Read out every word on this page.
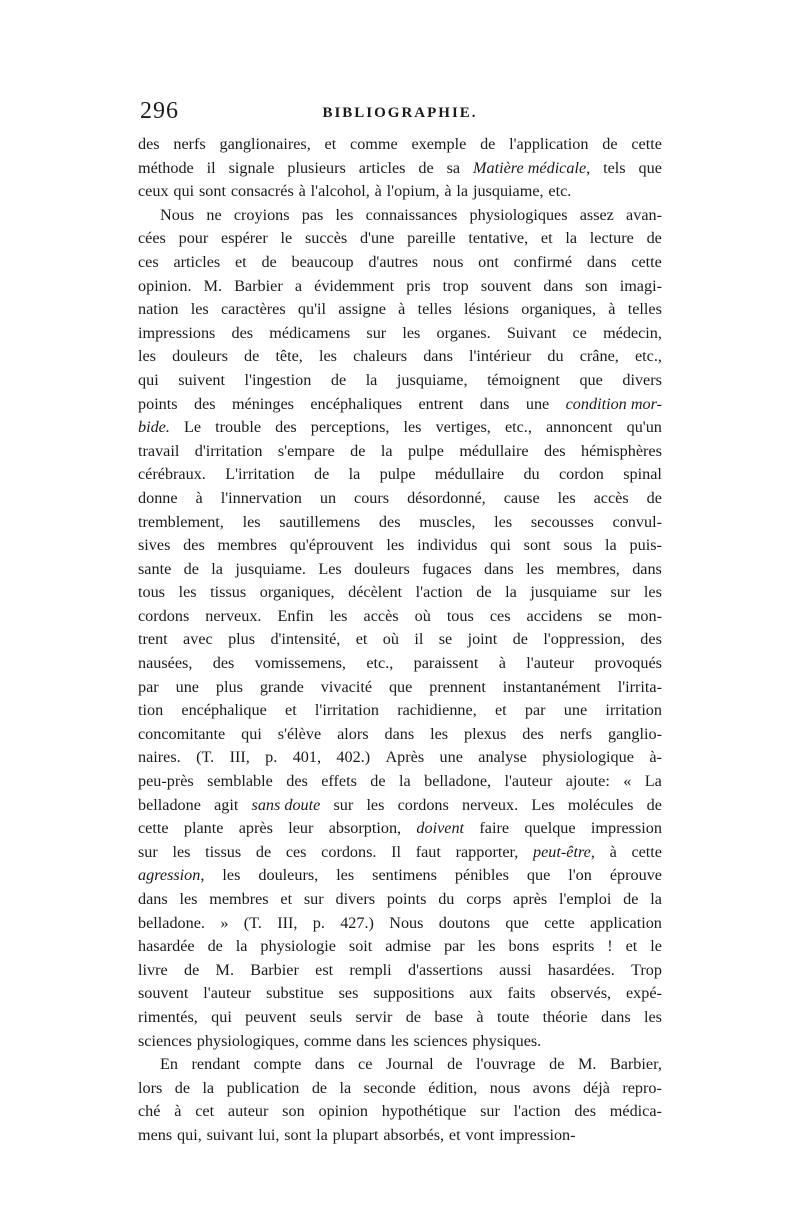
296	BIBLIOGRAPHIE.
des nerfs ganglionaires, et comme exemple de l'application de cette
méthode il signale plusieurs articles de sa Matière médicale, tels que
ceux qui sont consacrés à l'alcohol, à l'opium, à la jusquiame, etc.
Nous ne croyions pas les connaissances physiologiques assez avan-
cées pour espérer le succès d'une pareille tentative, et la lecture de
ces articles et de beaucoup d'autres nous ont confirmé dans cette
opinion. M. Barbier a évidemment pris trop souvent dans son imagi-
nation les caractères qu'il assigne à telles lésions organiques, à telles
impressions des médicamens sur les organes. Suivant ce médecin,
les douleurs de tête, les chaleurs dans l'intérieur du crâne, etc.,
qui suivent l'ingestion de la jusquiame, témoignent que divers
points des méninges encéphaliques entrent dans une condition mor-
bide. Le trouble des perceptions, les vertiges, etc., annoncent qu'un
travail d'irritation s'empare de la pulpe médullaire des hémisphères
cérébraux. L'irritation de la pulpe médullaire du cordon spinal
donne à l'innervation un cours désordonné, cause les accès de
tremblement, les sautillemens des muscles, les secousses convul-
sives des membres qu'éprouvent les individus qui sont sous la puis-
sante de la jusquiame. Les douleurs fugaces dans les membres, dans
tous les tissus organiques, décèlent l'action de la jusquiame sur les
cordons nerveux. Enfin les accès où tous ces accidens se mon-
trent avec plus d'intensité, et où il se joint de l'oppression, des
nausées, des vomissemens, etc., paraissent à l'auteur provoqués
par une plus grande vivacité que prennent instantanément l'irrita-
tion encéphalique et l'irritation rachidienne, et par une irritation
concomitante qui s'élève alors dans les plexus des nerfs ganglio-
naires. (T. III, p. 401, 402.) Après une analyse physiologique à-
peu-près semblable des effets de la belladone, l'auteur ajoute: « La
belladone agit sans doute sur les cordons nerveux. Les molécules de
cette plante après leur absorption, doivent faire quelque impression
sur les tissus de ces cordons. Il faut rapporter, peut-être, à cette
agression, les douleurs, les sentimens pénibles que l'on éprouve
dans les membres et sur divers points du corps après l'emploi de la
belladone. » (T. III, p. 427.) Nous doutons que cette application
hasardée de la physiologie soit admise par les bons esprits ! et le
livre de M. Barbier est rempli d'assertions aussi hasardées. Trop
souvent l'auteur substitue ses suppositions aux faits observés, expé-
rimentés, qui peuvent seuls servir de base à toute théorie dans les
sciences physiologiques, comme dans les sciences physiques.
En rendant compte dans ce Journal de l'ouvrage de M. Barbier,
lors de la publication de la seconde édition, nous avons déjà repro-
ché à cet auteur son opinion hypothétique sur l'action des médica-
mens qui, suivant lui, sont la plupart absorbés, et vont impression-
